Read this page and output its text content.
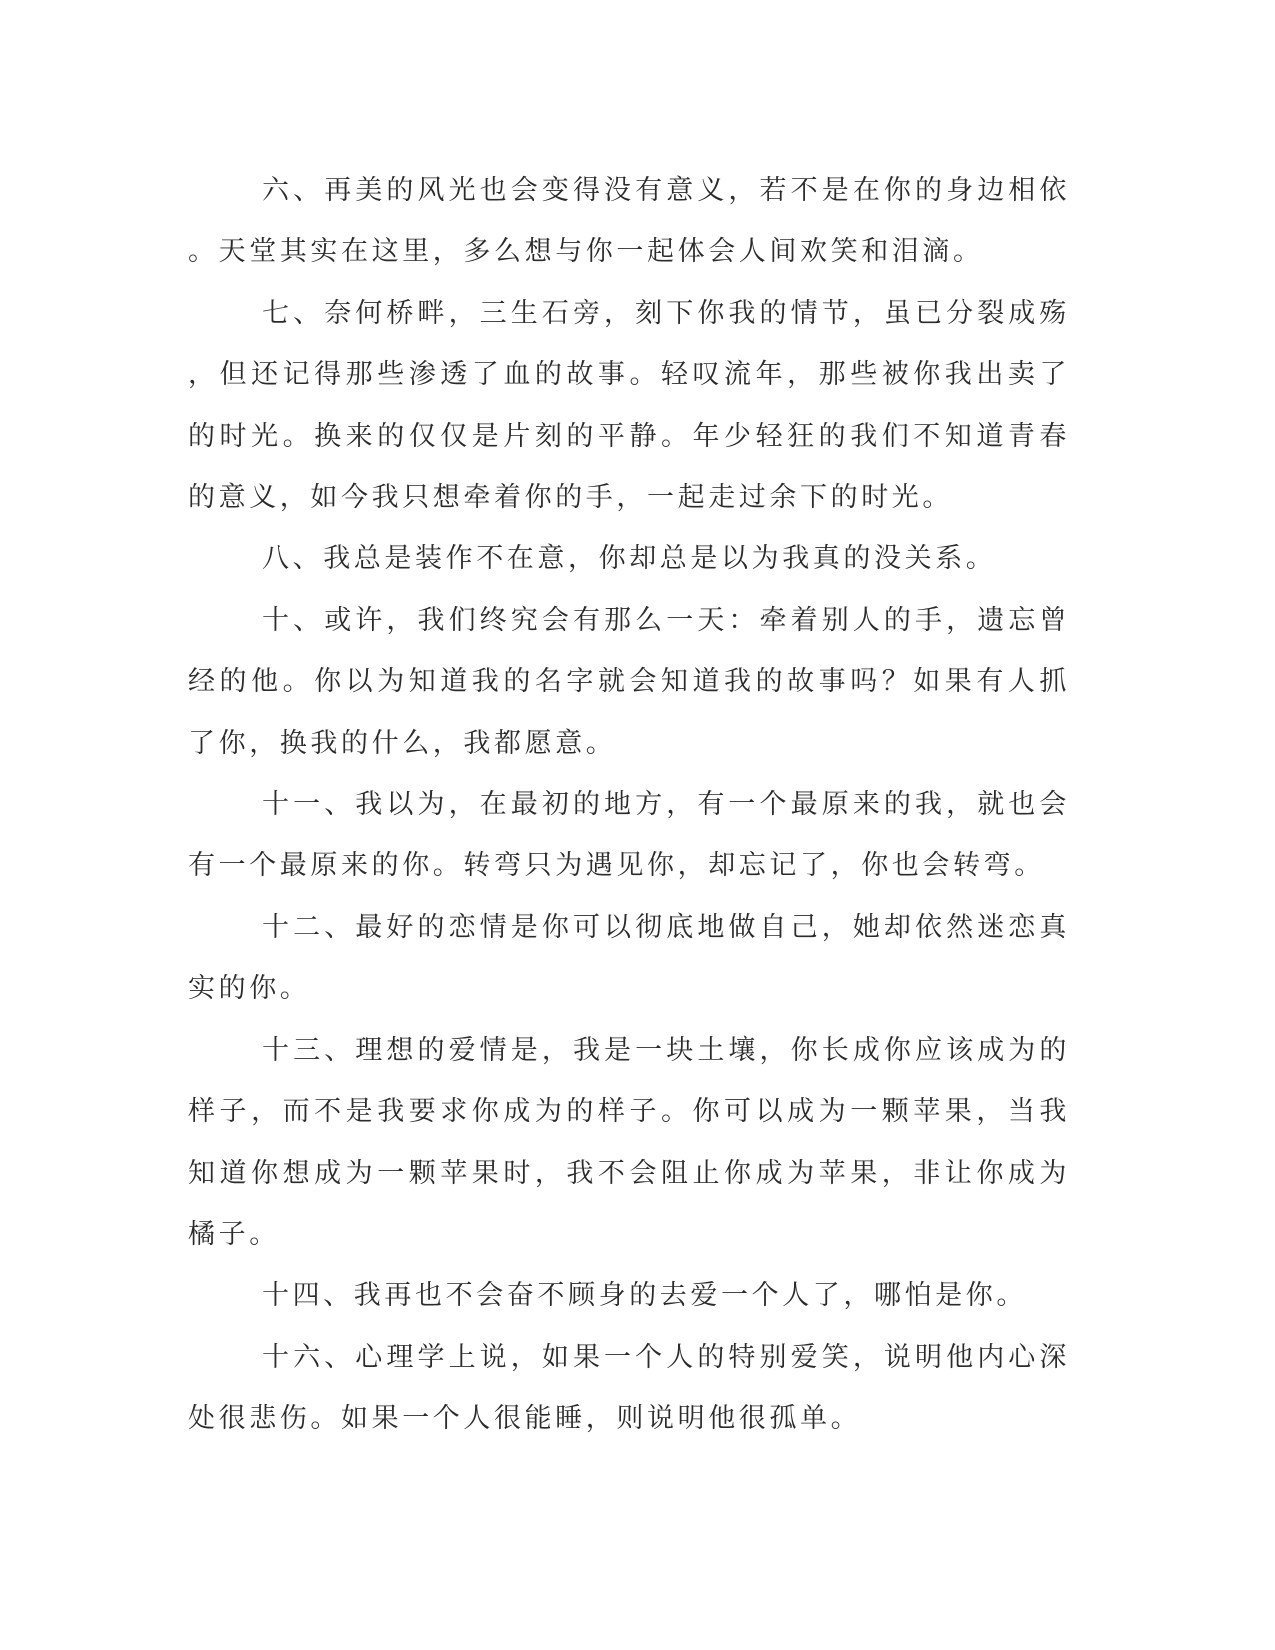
六、再美的风光也会变得没有意义，若不是在你的身边相依。天堂其实在这里，多么想与你一起体会人间欢笑和泪滴。

七、奈何桥畔，三生石旁，刻下你我的情节，虽已分裂成殇，但还记得那些渗透了血的故事。轻叹流年，那些被你我出卖了的时光。换来的仅仅是片刻的平静。年少轻狂的我们不知道青春的意义，如今我只想牵着你的手，一起走过余下的时光。

八、我总是装作不在意，你却总是以为我真的没关系。

十、或许，我们终究会有那么一天：牵着别人的手，遗忘曾经的他。你以为知道我的名字就会知道我的故事吗？如果有人抓了你，换我的什么，我都愿意。

十一、我以为，在最初的地方，有一个最原来的我，就也会有一个最原来的你。转弯只为遇见你，却忘记了，你也会转弯。

十二、最好的恋情是你可以彻底地做自己，她却依然迷恋真实的你。

十三、理想的爱情是，我是一块土壤，你长成你应该成为的样子，而不是我要求你成为的样子。你可以成为一颗苹果，当我知道你想成为一颗苹果时，我不会阻止你成为苹果，非让你成为橘子。

十四、我再也不会奋不顾身的去爱一个人了，哪怕是你。

十六、心理学上说，如果一个人的特别爱笑，说明他内心深处很悲伤。如果一个人很能睡，则说明他很孤单。
